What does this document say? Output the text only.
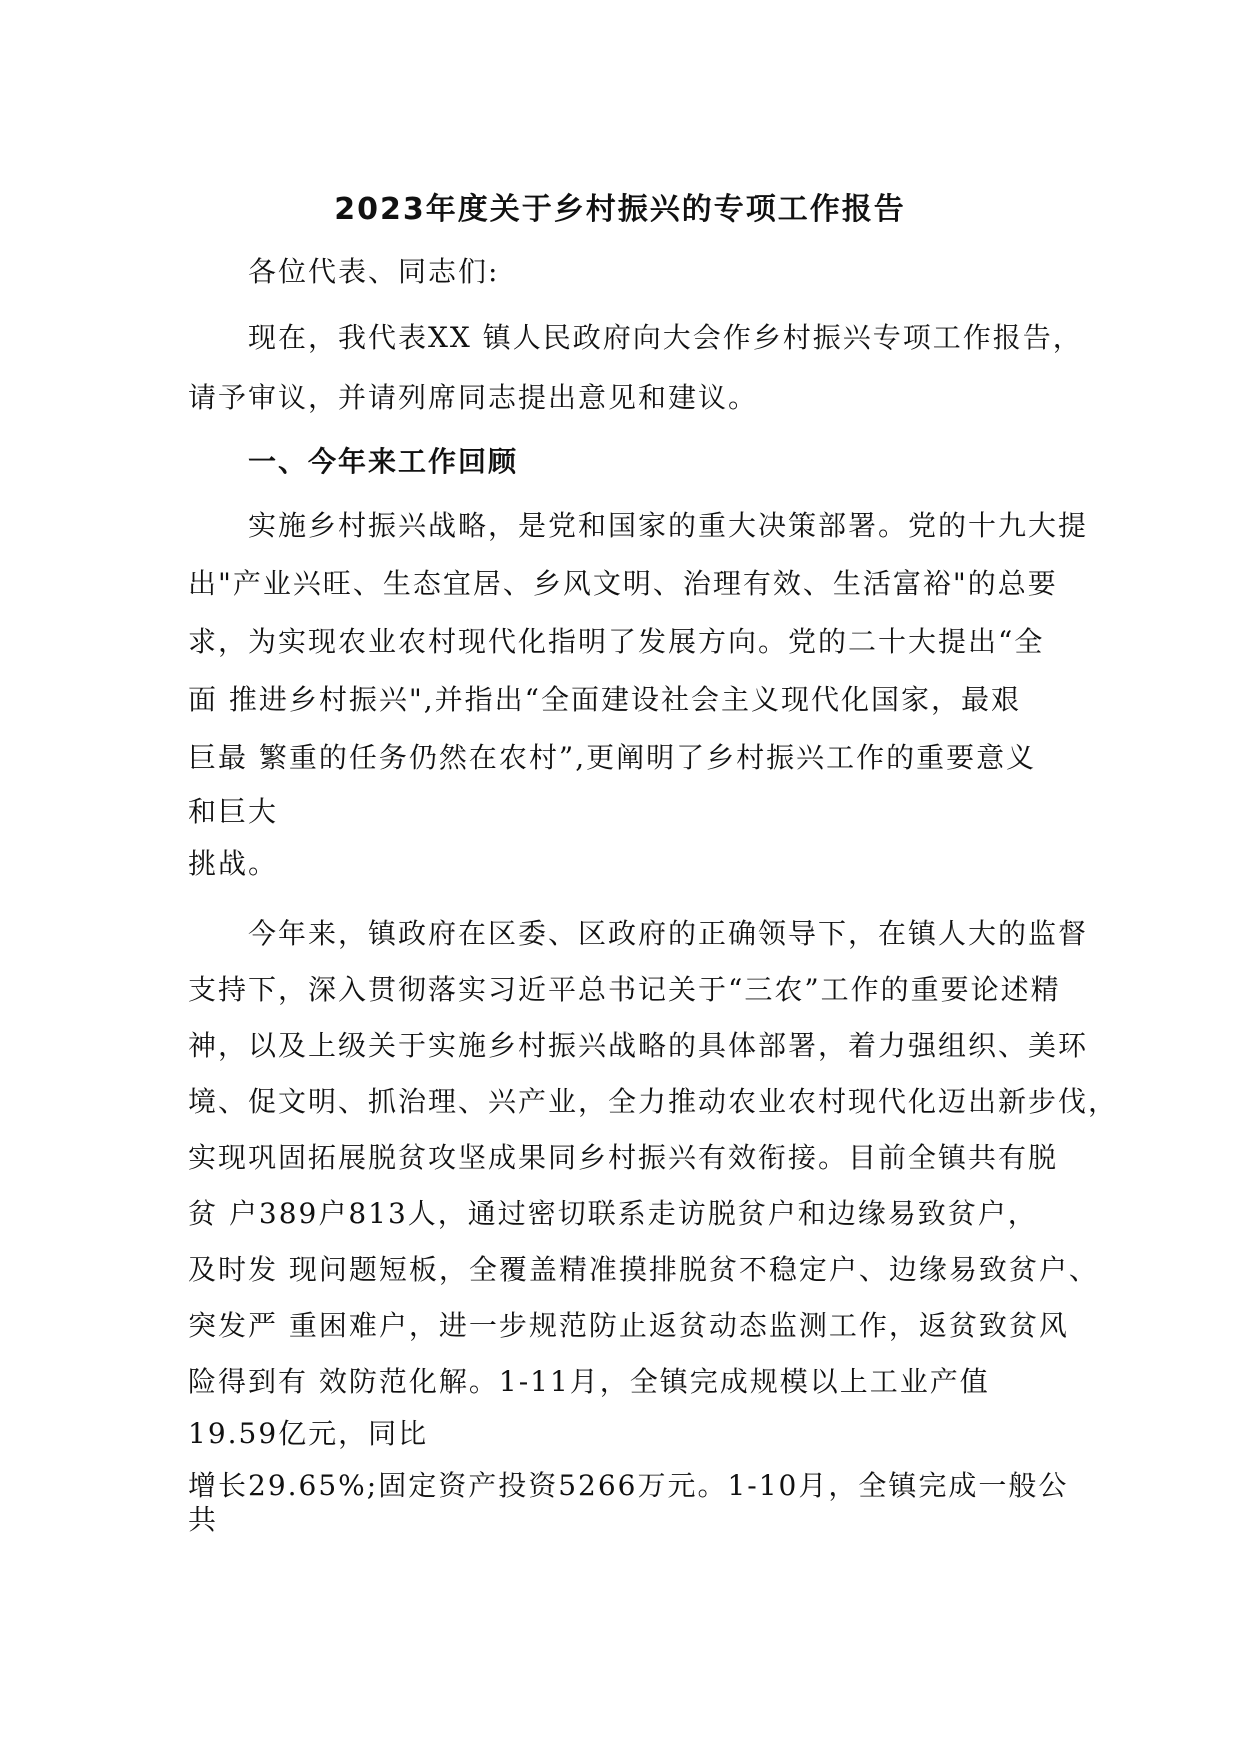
2023年度关于乡村振兴的专项工作报告
各位代表、同志们:
现在，我代表XX 镇人民政府向大会作乡村振兴专项工作报告，
请予审议，并请列席同志提出意见和建议。
一、今年来工作回顾
实施乡村振兴战略，是党和国家的重大决策部署。党的十九大提
出"产业兴旺、生态宜居、乡风文明、治理有效、生活富裕"的总要
求，为实现农业农村现代化指明了发展方向。党的二十大提出“全
面 推进乡村振兴",并指出“全面建设社会主义现代化国家，最艰
巨最 繁重的任务仍然在农村”,更阐明了乡村振兴工作的重要意义
和巨大
挑战。
今年来，镇政府在区委、区政府的正确领导下，在镇人大的监督
支持下，深入贯彻落实习近平总书记关于“三农”工作的重要论述精
神，以及上级关于实施乡村振兴战略的具体部署，着力强组织、美环
境、促文明、抓治理、兴产业，全力推动农业农村现代化迈出新步伐，
实现巩固拓展脱贫攻坚成果同乡村振兴有效衔接。目前全镇共有脱
贫 户389户813人，通过密切联系走访脱贫户和边缘易致贫户，
及时发 现问题短板，全覆盖精准摸排脱贫不稳定户、边缘易致贫户、
突发严 重困难户，进一步规范防止返贫动态监测工作，返贫致贫风
险得到有 效防范化解。1-11月，全镇完成规模以上工业产值
19.59亿元，同比
增长29.65%;固定资产投资5266万元。1-10月，全镇完成一般公
共
